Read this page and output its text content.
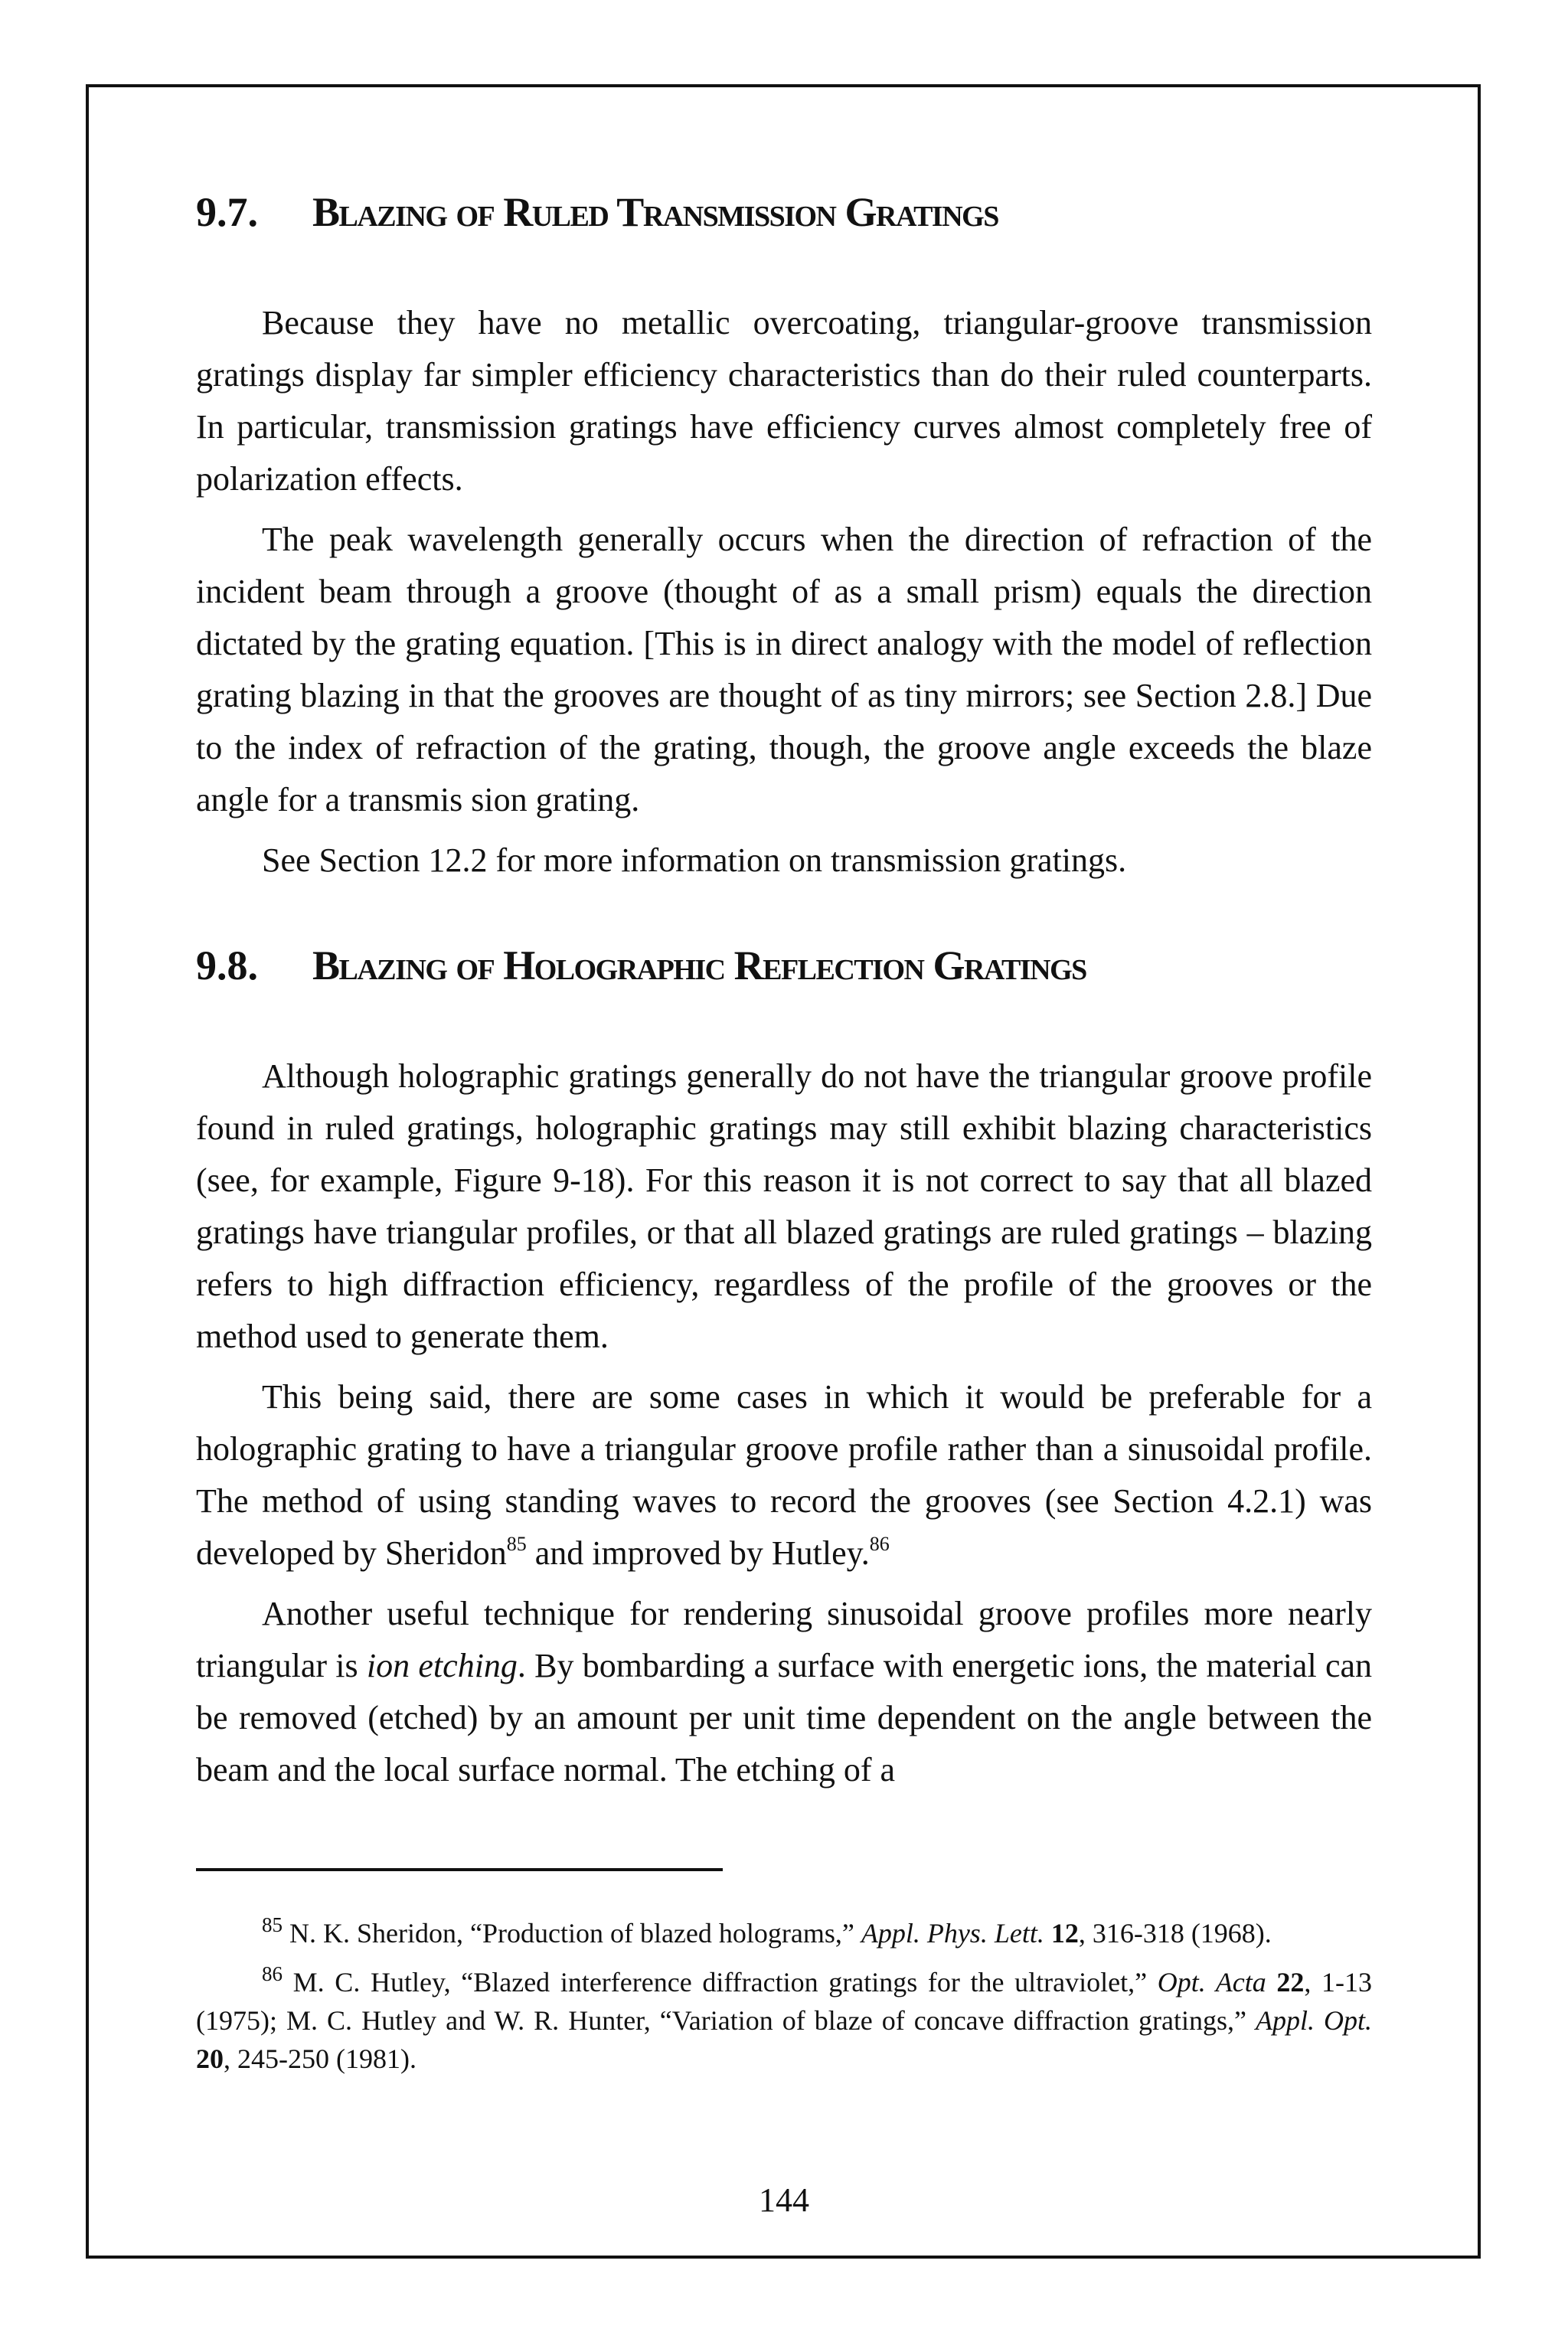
9.7.	Blazing of Ruled Transmission Gratings

Because they have no metallic overcoating, triangular-groove transmission gratings display far simpler efficiency characteristics than do their ruled counterparts. In particular, transmission gratings have efficiency curves almost completely free of polarization effects.

The peak wavelength generally occurs when the direction of refraction of the incident beam through a groove (thought of as a small prism) equals the direction dictated by the grating equation. [This is in direct analogy with the model of reflection grating blazing in that the grooves are thought of as tiny mirrors; see Section 2.8.] Due to the index of refraction of the grating, though, the groove angle exceeds the blaze angle for a transmis sion grating.

See Section 12.2 for more information on transmission gratings.

9.8.	Blazing of Holographic Reflection Gratings

Although holographic gratings generally do not have the triangular groove profile found in ruled gratings, holographic gratings may still exhibit blazing characteristics (see, for example, Figure 9-18). For this reason it is not correct to say that all blazed gratings have triangular profiles, or that all blazed gratings are ruled gratings – blazing refers to high diffraction efficiency, regardless of the profile of the grooves or the method used to generate them.

This being said, there are some cases in which it would be preferable for a holographic grating to have a triangular groove profile rather than a sinusoidal profile. The method of using standing waves to record the grooves (see Section 4.2.1) was developed by Sheridon$^{85}$ and improved by Hutley.$^{86}$

Another useful technique for rendering sinusoidal groove profiles more nearly triangular is ion etching. By bombarding a surface with energetic ions, the material can be removed (etched) by an amount per unit time dependent on the angle between the beam and the local surface normal. The etching of a

$^{85}$ N. K. Sheridon, “Production of blazed holograms,” Appl. Phys. Lett. 12, 316-318 (1968).

$^{86}$ M. C. Hutley, “Blazed interference diffraction gratings for the ultraviolet,” Opt. Acta 22, 1-13 (1975); M. C. Hutley and W. R. Hunter, “Variation of blaze of concave diffraction gratings,” Appl. Opt. 20, 245-250 (1981).

144
